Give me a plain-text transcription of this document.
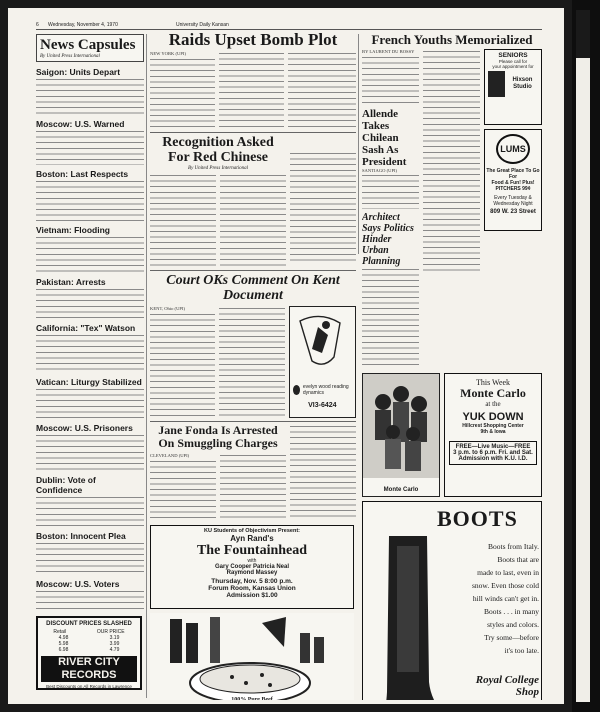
6 Wednesday, November 4, 1970	University Daily Kansan
News Capsules
By United Press International
Saigon: Units Depart
Moscow: U.S. Warned
Boston: Last Respects
Vietnam: Flooding
Pakistan: Arrests
California: "Tex" Watson
Vatican: Liturgy Stabilized
Moscow: U.S. Prisoners
Dublin: Vote of Confidence
Boston: Innocent Plea
Moscow: U.S. Voters
DISCOUNT PRICES SLASHED
Retail	OUR PRICE
4.98	3.19
5.98	3.99
6.98	4.79
RIVER CITY RECORDS
Best Discounts on All Records in Lawrence
Raids Upset Bomb Plot
NEW YORK (UPI)
Recognition Asked For Red Chinese
By United Press International
Court OKs Comment On Kent Document
KENT, Ohio (UPI)
evelyn wood reading dynamics
VI3-6424
Jane Fonda Is Arrested On Smuggling Charges
CLEVELAND (UPI)
KU Students of Objectivism Present:
Ayn Rand's
The Fountainhead
with
Gary Cooper Patricia Neal
Raymond Massey
Thursday, Nov. 5 8:00 p.m.
Forum Room, Kansas Union
Admission $1.00
100% Pure Beef
French Youths Memorialized
BY LAURENT DU BOSSY
Allende Takes Chilean Sash As President
SANTIAGO (UPI)
Architect Says Politics Hinder Urban Planning
SENIORS
Please call for
your appointment for
Hixson Studio
LUMS
The Great Place To Go For
Food & Fun! Plus! PITCHERS 99¢
Every Tuesday & Wednesday Night
809 W. 23 Street
Monte Carlo
This Week
Monte Carlo
at the
YUK DOWN
Hillcrest Shopping Center
9th & Iowa
FREE—Live Music—FREE
3 p.m. to 6 p.m. Fri. and Sat.
Admission with K.U. I.D.
BOOTS
Boots from Italy.
Boots that are
made to last, even in
snow. Even those cold
hill winds can't get in.
Boots . . . in many
styles and colors.
Try some—before
it's too late.
Royal College Shop
